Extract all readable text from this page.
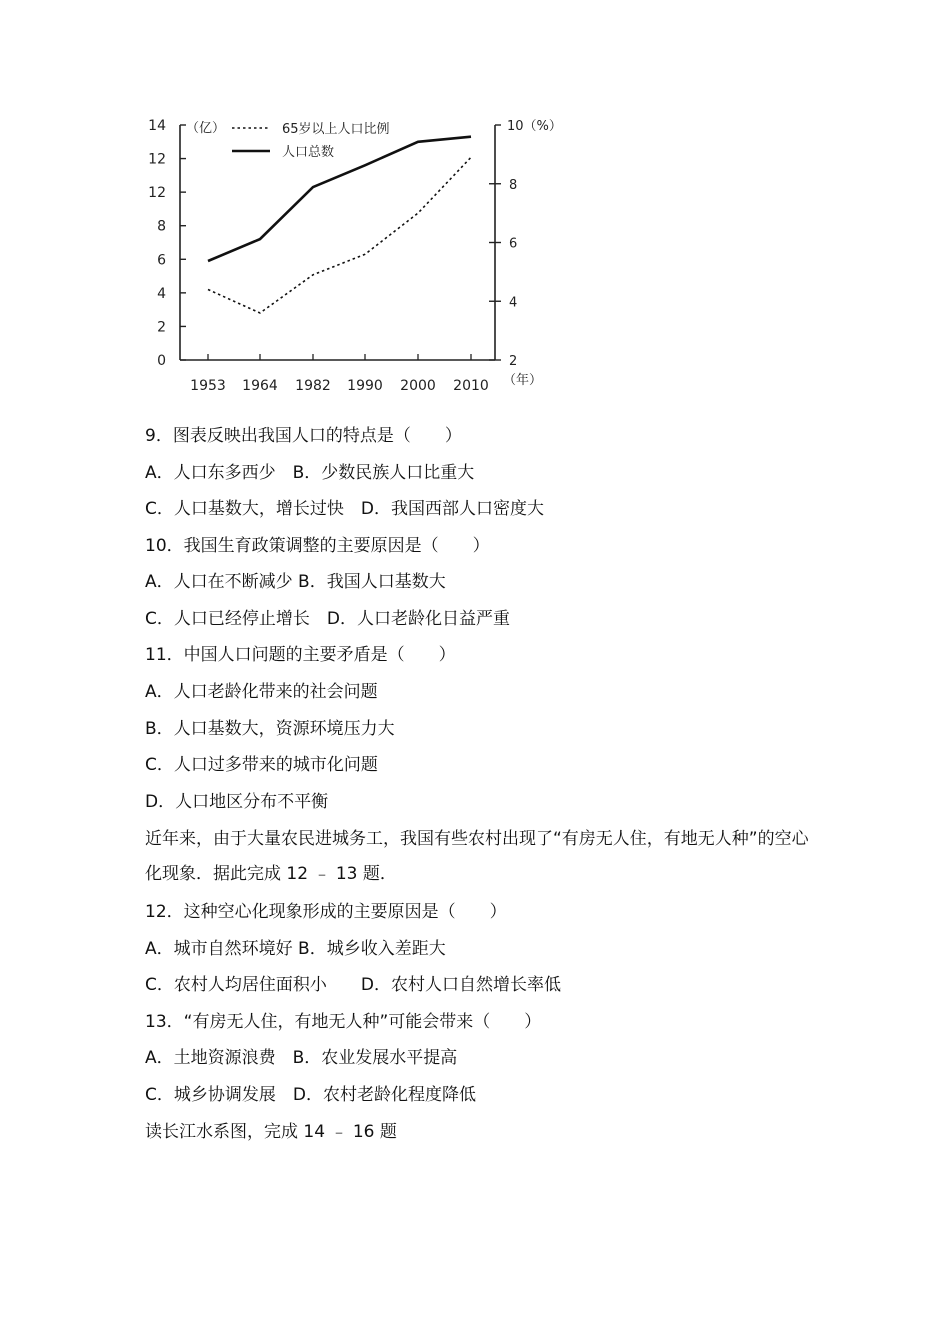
0
2
4
6
8
12
12
14 （亿）
2
4
6
8
10（%）
1953 1964 1982 1990 2000 2010 （年）
65岁以上人口比例
人口总数
9．图表反映出我国人口的特点是（　　）
A．人口东多西少　B．少数民族人口比重大
C．人口基数大，增长过快　D．我国西部人口密度大
10．我国生育政策调整的主要原因是（　　）
A．人口在不断减少 B．我国人口基数大
C．人口已经停止增长　D．人口老龄化日益严重
11．中国人口问题的主要矛盾是（　　）
A．人口老龄化带来的社会问题
B．人口基数大，资源环境压力大
C．人口过多带来的城市化问题
D．人口地区分布不平衡
近年来，由于大量农民进城务工，我国有些农村出现了“有房无人住，有地无人种”的空心化现象．据此完成 12 ﹣ 13 题．
12．这种空心化现象形成的主要原因是（　　）
A．城市自然环境好 B．城乡收入差距大
C．农村人均居住面积小　　D．农村人口自然增长率低
13．“有房无人住，有地无人种”可能会带来（　　）
A．土地资源浪费　B．农业发展水平提高
C．城乡协调发展　D．农村老龄化程度降低
读长江水系图，完成 14 ﹣ 16 题
